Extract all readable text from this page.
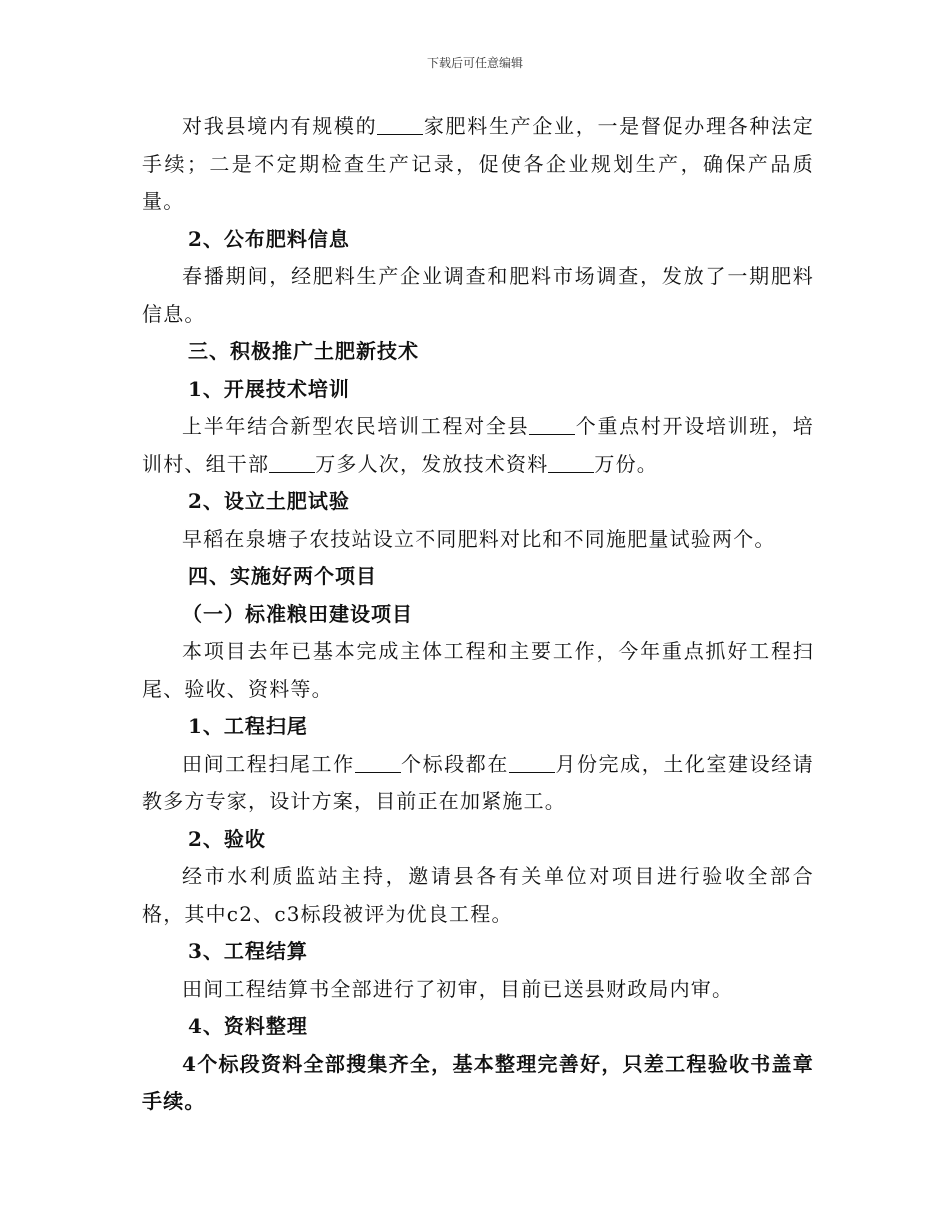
下载后可任意编辑
对我县境内有规模的 家肥料生产企业，一是督促办理各种法定手续；二是不定期检查生产记录，促使各企业规划生产，确保产品质量。
2、公布肥料信息
春播期间，经肥料生产企业调查和肥料市场调查，发放了一期肥料信息。
三、积极推广土肥新技术
1、开展技术培训
上半年结合新型农民培训工程对全县 个重点村开设培训班，培训村、组干部 万多人次，发放技术资料 万份。
2、设立土肥试验
早稻在泉塘子农技站设立不同肥料对比和不同施肥量试验两个。
四、实施好两个项目
（一）标准粮田建设项目
本项目去年已基本完成主体工程和主要工作，今年重点抓好工程扫尾、验收、资料等。
1、工程扫尾
田间工程扫尾工作 个标段都在 月份完成，土化室建设经请教多方专家，设计方案，目前正在加紧施工。
2、验收
经市水利质监站主持，邀请县各有关单位对项目进行验收全部合格，其中c2、c3标段被评为优良工程。
3、工程结算
田间工程结算书全部进行了初审，目前已送县财政局内审。
4、资料整理
4个标段资料全部搜集齐全，基本整理完善好，只差工程验收书盖章手续。
